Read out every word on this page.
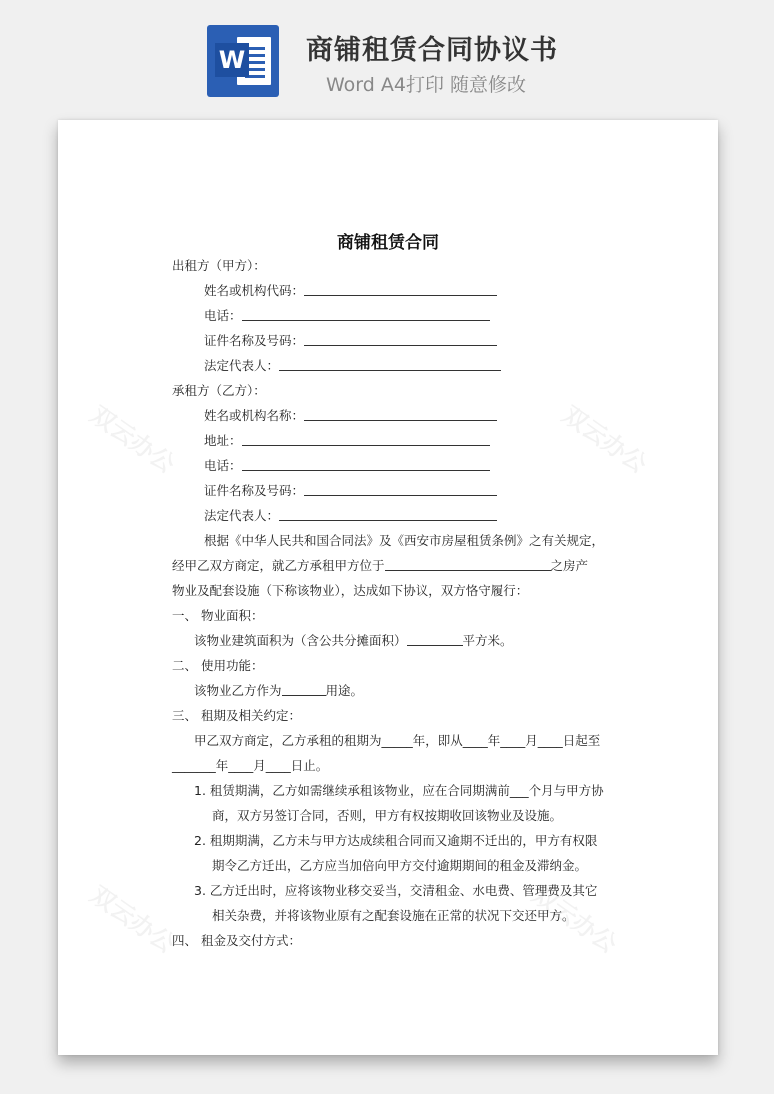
W 商铺租赁合同协议书
Word A4打印 随意修改
双云办公	双云办公
双云办公	双云办公
商铺租赁合同
出租方（甲方）：
姓名或机构代码：
电话：
证件名称及号码：
法定代表人：
承租方（乙方）：
姓名或机构名称：
地址：
电话：
证件名称及号码：
法定代表人：
根据《中华人民共和国合同法》及《西安市房屋租赁条例》之有关规定，
经甲乙双方商定，就乙方承租甲方位于	之房产
物业及配套设施（下称该物业），达成如下协议，双方恪守履行：
一、 物业面积：
该物业建筑面积为（含公共分摊面积）	平方米。
二、 使用功能：
该物业乙方作为	用途。
三、 租期及相关约定：
甲乙双方商定，乙方承租的租期为_____年，即从____年____月____日起至
_______年____月____日止。
1. 租赁期满，乙方如需继续承租该物业，应在合同期满前___个月与甲方协
商，双方另签订合同，否则，甲方有权按期收回该物业及设施。
2. 租期期满，乙方未与甲方达成续租合同而又逾期不迁出的，甲方有权限
期令乙方迁出，乙方应当加倍向甲方交付逾期期间的租金及滞纳金。
3. 乙方迁出时，应将该物业移交妥当，交清租金、水电费、管理费及其它
相关杂费，并将该物业原有之配套设施在正常的状况下交还甲方。
四、 租金及交付方式：
